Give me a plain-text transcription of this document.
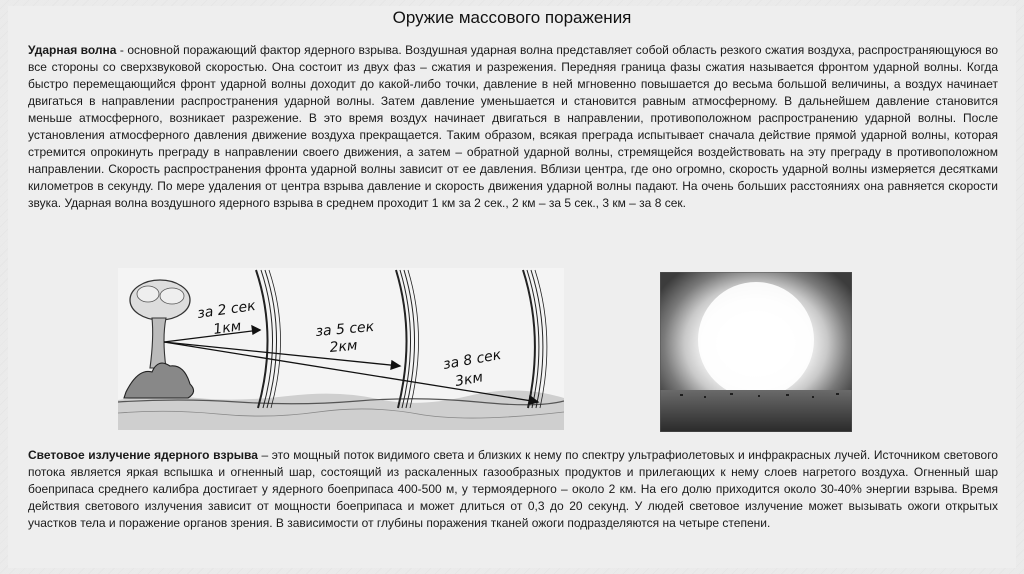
Оружие массового поражения

Ударная волна - основной поражающий фактор ядерного взрыва. Воздушная ударная волна представляет собой область резкого сжатия воздуха, распространяющуюся во все стороны со сверхзвуковой скоростью. Она состоит из двух фаз – сжатия и разрежения. Передняя граница фазы сжатия называется фронтом ударной волны. Когда быстро перемещающийся фронт ударной волны доходит до какой-либо точки, давление в ней мгновенно повышается до весьма большой величины, а воздух начинает двигаться в направлении распространения ударной волны. Затем давление уменьшается и становится равным атмосферному. В дальнейшем давление становится меньше атмосферного, возникает разрежение. В это время воздух начинает двигаться в направлении, противоположном распространению ударной волны. После установления атмосферного давления движение воздуха прекращается. Таким образом, всякая преграда испытывает сначала действие прямой ударной волны, которая стремится опрокинуть преграду в направлении своего движения, а затем – обратной ударной волны, стремящейся воздействовать на эту преграду в противоположном направлении. Скорость распространения фронта ударной волны зависит от ее давления. Вблизи центра, где оно огромно, скорость ударной волны измеряется десятками километров в секунду. По мере удаления от центра взрыва давление и скорость движения ударной волны падают. На очень больших расстояниях она равняется скорости звука. Ударная волна воздушного ядерного взрыва в среднем проходит 1 км за 2 сек., 2 км – за 5 сек., 3 км – за 8 сек.

за 2 сек
1км	за 5 сек
2км
за 8 сек
3км

Световое излучение ядерного взрыва – это мощный поток видимого света и близких к нему по спектру ультрафиолетовых и инфракрасных лучей. Источником светового потока является яркая вспышка и огненный шар, состоящий из раскаленных газообразных продуктов и прилегающих к нему слоев нагретого воздуха. Огненный шар боеприпаса среднего калибра достигает у ядерного боеприпаса 400-500 м, у термоядерного – около 2 км. На его долю приходится около 30-40% энергии взрыва. Время действия светового излучения зависит от мощности боеприпаса и может длиться от 0,3 до 20 секунд. У людей световое излучение может вызывать ожоги открытых участков тела и поражение органов зрения. В зависимости от глубины поражения тканей ожоги подразделяются на четыре степени.
